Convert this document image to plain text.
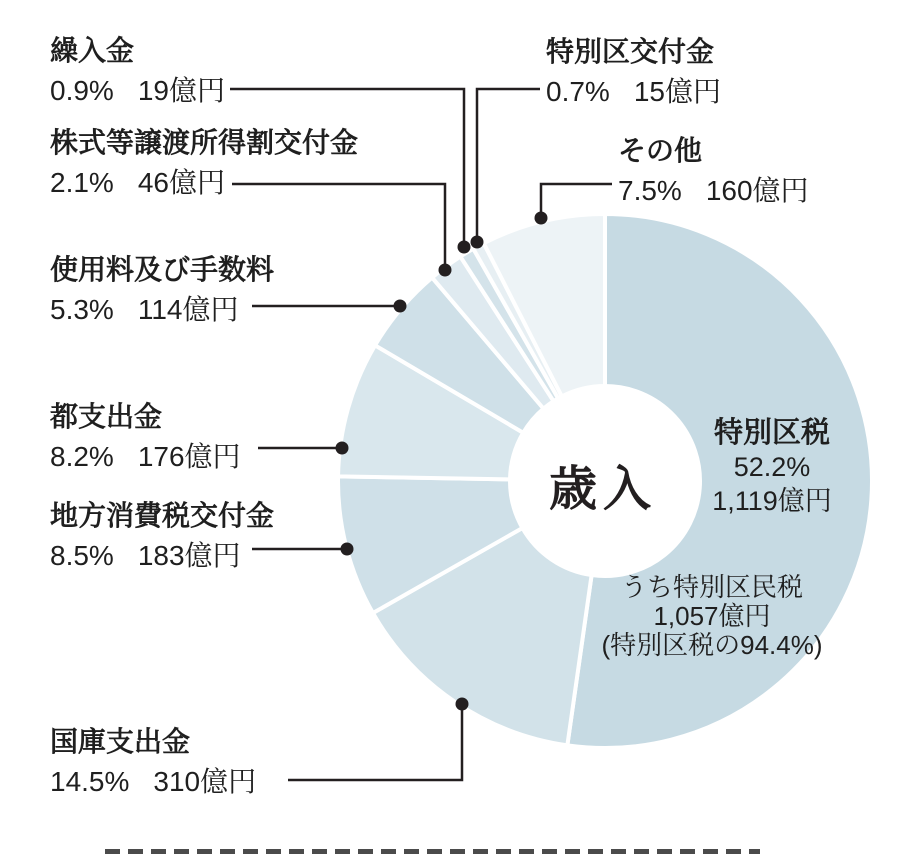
繰入金
0.9% 19億円
株式等譲渡所得割交付金
2.1% 46億円
使用料及び手数料
5.3% 114億円
都支出金
8.2% 176億円
地方消費税交付金
8.5% 183億円
国庫支出金
14.5% 310億円
特別区交付金
0.7% 15億円
その他
7.5% 160億円
特別区税
52.2%
1,119億円
うち特別区民税
1,057億円
(特別区税の94.4%)
歳入
